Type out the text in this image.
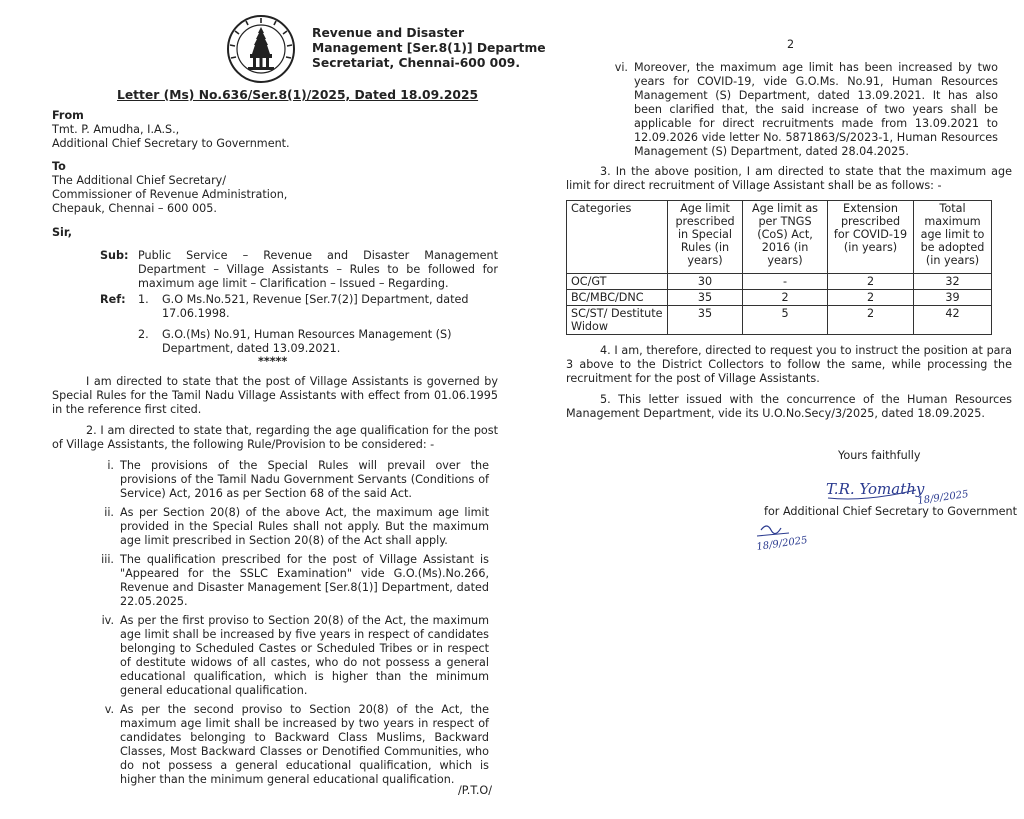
Revenue and Disaster
Management [Ser.8(1)] Departme
Secretariat, Chennai-600 009.
Letter (Ms) No.636/Ser.8(1)/2025, Dated 18.09.2025
From
Tmt. P. Amudha, I.A.S.,
Additional Chief Secretary to Government.
To
The Additional Chief Secretary/
Commissioner of Revenue Administration,
Chepauk, Chennai – 600 005.
Sir,
Sub: Public Service – Revenue and Disaster Management Department – Village Assistants – Rules to be followed for maximum age limit – Clarification – Issued – Regarding.
Ref: 1. G.O Ms.No.521, Revenue [Ser.7(2)] Department, dated 17.06.1998.
2. G.O.(Ms) No.91, Human Resources Management (S) Department, dated 13.09.2021.
*****
I am directed to state that the post of Village Assistants is governed by Special Rules for the Tamil Nadu Village Assistants with effect from 01.06.1995 in the reference first cited.
2. I am directed to state that, regarding the age qualification for the post of Village Assistants, the following Rule/Provision to be considered: -
i. The provisions of the Special Rules will prevail over the provisions of the Tamil Nadu Government Servants (Conditions of Service) Act, 2016 as per Section 68 of the said Act.
ii. As per Section 20(8) of the above Act, the maximum age limit provided in the Special Rules shall not apply. But the maximum age limit prescribed in Section 20(8) of the Act shall apply.
iii. The qualification prescribed for the post of Village Assistant is "Appeared for the SSLC Examination" vide G.O.(Ms).No.266, Revenue and Disaster Management [Ser.8(1)] Department, dated 22.05.2025.
iv. As per the first proviso to Section 20(8) of the Act, the maximum age limit shall be increased by five years in respect of candidates belonging to Scheduled Castes or Scheduled Tribes or in respect of destitute widows of all castes, who do not possess a general educational qualification, which is higher than the minimum general educational qualification.
v. As per the second proviso to Section 20(8) of the Act, the maximum age limit shall be increased by two years in respect of candidates belonging to Backward Class Muslims, Backward Classes, Most Backward Classes or Denotified Communities, who do not possess a general educational qualification, which is higher than the minimum general educational qualification.
/P.T.O/
2
vi. Moreover, the maximum age limit has been increased by two years for COVID-19, vide G.O.Ms. No.91, Human Resources Management (S) Department, dated 13.09.2021. It has also been clarified that, the said increase of two years shall be applicable for direct recruitments made from 13.09.2021 to 12.09.2026 vide letter No. 5871863/S/2023-1, Human Resources Management (S) Department, dated 28.04.2025.
3. In the above position, I am directed to state that the maximum age limit for direct recruitment of Village Assistant shall be as follows: -
Categories	Age limit prescribed in Special Rules (in years)	Age limit as per TNGS (CoS) Act, 2016 (in years)	Extension prescribed for COVID-19 (in years)	Total maximum age limit to be adopted (in years)
OC/GT	30	-	2	32
BC/MBC/DNC	35	2	2	39
SC/ST/ Destitute Widow	35	5	2	42
4. I am, therefore, directed to request you to instruct the position at para 3 above to the District Collectors to follow the same, while processing the recruitment for the post of Village Assistants.
5. This letter issued with the concurrence of the Human Resources Management Department, vide its U.O.No.Secy/3/2025, dated 18.09.2025.
Yours faithfully
T.R. Yomathy
18/9/2025
for Additional Chief Secretary to Government
18/9/2025
